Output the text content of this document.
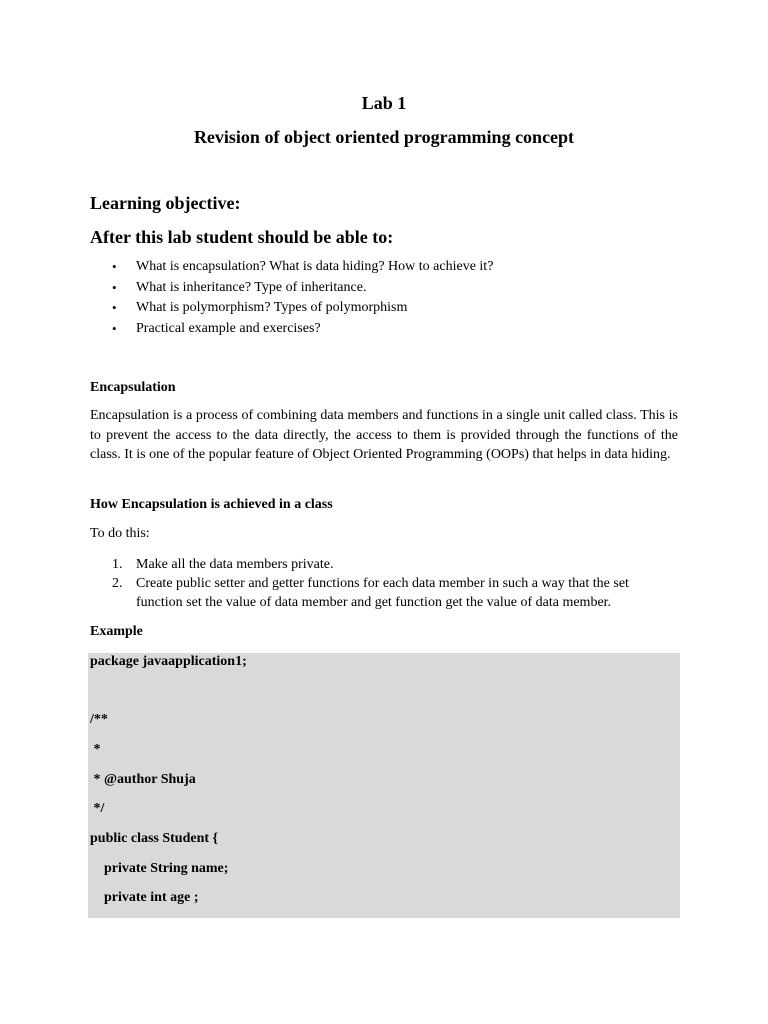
Lab 1
Revision of object oriented programming concept
Learning objective:
After this lab student should be able to:
• What is encapsulation? What is data hiding? How to achieve it?
• What is inheritance? Type of inheritance.
• What is polymorphism? Types of polymorphism
• Practical example and exercises?
Encapsulation
Encapsulation is a process of combining data members and functions in a single unit called class. This is to prevent the access to the data directly, the access to them is provided through the functions of the class. It is one of the popular feature of Object Oriented Programming (OOPs) that helps in data hiding.
How Encapsulation is achieved in a class
To do this:
1. Make all the data members private.
2. Create public setter and getter functions for each data member in such a way that the set function set the value of data member and get function get the value of data member.
Example
package javaapplication1;
/**
*
* @author Shuja
*/
public class Student {
private String name;
private int age ;
